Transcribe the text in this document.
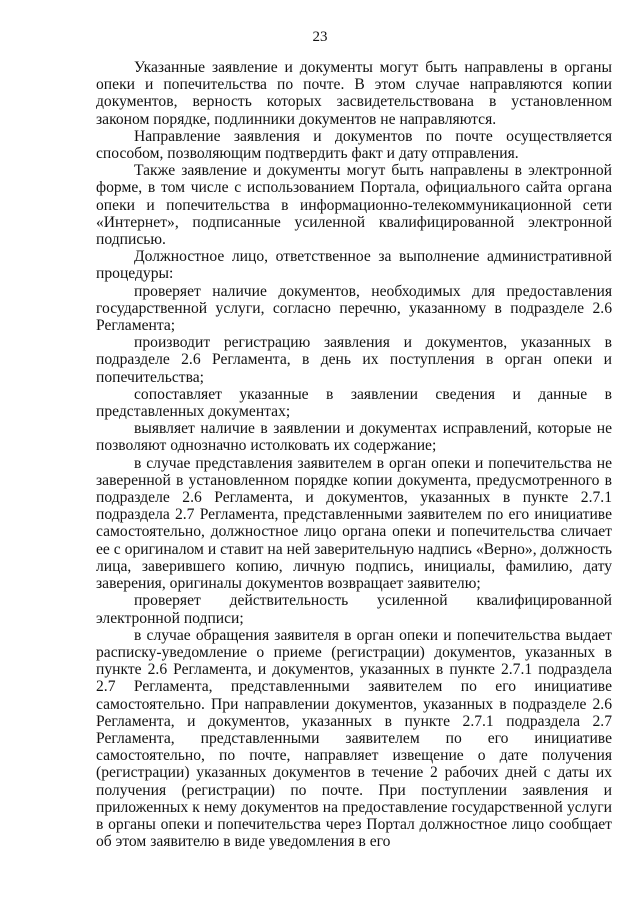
23

Указанные заявление и документы могут быть направлены в органы опеки и попечительства по почте. В этом случае направляются копии документов, верность которых засвидетельствована в установленном законом порядке, подлинники документов не направляются.

Направление заявления и документов по почте осуществляется способом, позволяющим подтвердить факт и дату отправления.

Также заявление и документы могут быть направлены в электронной форме, в том числе с использованием Портала, официального сайта органа опеки и попечительства в информационно-телекоммуникационной сети «Интернет», подписанные усиленной квалифицированной электронной подписью.

Должностное лицо, ответственное за выполнение административной процедуры:

проверяет наличие документов, необходимых для предоставления государственной услуги, согласно перечню, указанному в подразделе 2.6 Регламента;

производит регистрацию заявления и документов, указанных в подразделе 2.6 Регламента, в день их поступления в орган опеки и попечительства;

сопоставляет указанные в заявлении сведения и данные в представленных документах;

выявляет наличие в заявлении и документах исправлений, которые не позволяют однозначно истолковать их содержание;

в случае представления заявителем в орган опеки и попечительства не заверенной в установленном порядке копии документа, предусмотренного в подразделе 2.6 Регламента, и документов, указанных в пункте 2.7.1 подраздела 2.7 Регламента, представленными заявителем по его инициативе самостоятельно, должностное лицо органа опеки и попечительства сличает ее с оригиналом и ставит на ней заверительную надпись «Верно», должность лица, заверившего копию, личную подпись, инициалы, фамилию, дату заверения, оригиналы документов возвращает заявителю;

проверяет действительность усиленной квалифицированной электронной подписи;

в случае обращения заявителя в орган опеки и попечительства выдает расписку-уведомление о приеме (регистрации) документов, указанных в пункте 2.6 Регламента, и документов, указанных в пункте 2.7.1 подраздела 2.7 Регламента, представленными заявителем по его инициативе самостоятельно. При направлении документов, указанных в подразделе 2.6 Регламента, и документов, указанных в пункте 2.7.1 подраздела 2.7 Регламента, представленными заявителем по его инициативе самостоятельно, по почте, направляет извещение о дате получения (регистрации) указанных документов в течение 2 рабочих дней с даты их получения (регистрации) по почте. При поступлении заявления и приложенных к нему документов на предоставление государственной услуги в органы опеки и попечительства через Портал должностное лицо сообщает об этом заявителю в виде уведомления в его
